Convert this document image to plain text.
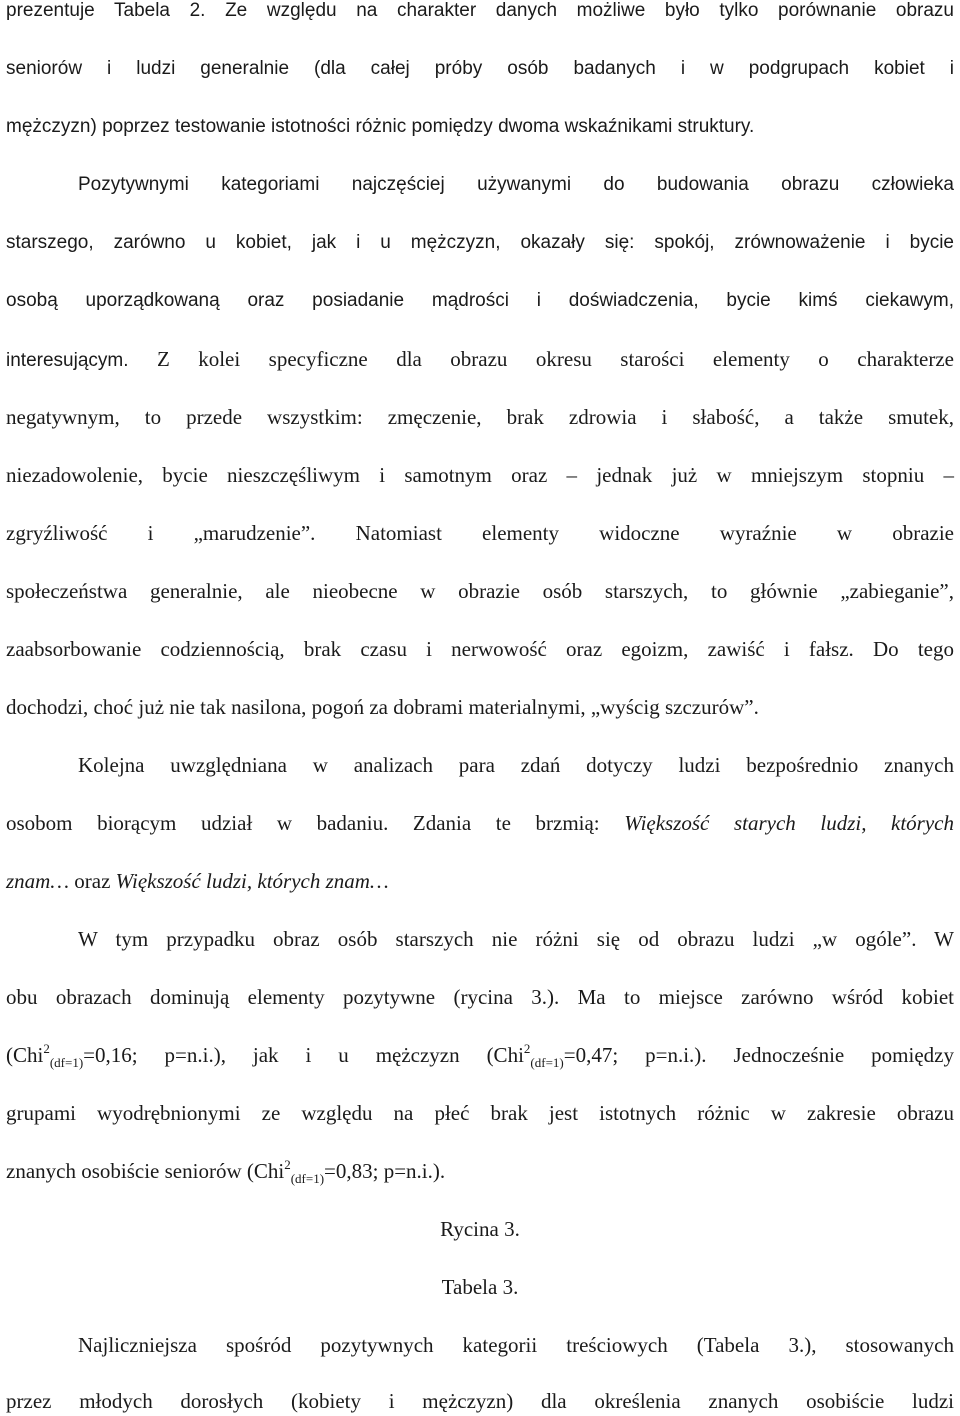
prezentuje Tabela 2. Ze względu na charakter danych możliwe było tylko porównanie obrazu
seniorów i ludzi generalnie (dla całej próby osób badanych i w podgrupach kobiet i
mężczyzn) poprzez testowanie istotności różnic pomiędzy dwoma wskaźnikami struktury.
Pozytywnymi kategoriami najczęściej używanymi do budowania obrazu człowieka
starszego, zarówno u kobiet, jak i u mężczyzn, okazały się: spokój, zrównoważenie i bycie
osobą uporządkowaną oraz posiadanie mądrości i doświadczenia, bycie kimś ciekawym,
interesującym. Z kolei specyficzne dla obrazu okresu starości elementy o charakterze
negatywnym, to przede wszystkim: zmęczenie, brak zdrowia i słabość, a także smutek,
niezadowolenie, bycie nieszczęśliwym i samotnym oraz – jednak już w mniejszym stopniu –
zgryźliwość i „marudzenie”. Natomiast elementy widoczne wyraźnie w obrazie
społeczeństwa generalnie, ale nieobecne w obrazie osób starszych, to głównie „zabieganie”,
zaabsorbowanie codziennością, brak czasu i nerwowość oraz egoizm, zawiść i fałsz. Do tego
dochodzi, choć już nie tak nasilona, pogoń za dobrami materialnymi, „wyścig szczurów”.
Kolejna uwzględniana w analizach para zdań dotyczy ludzi bezpośrednio znanych
osobom biorącym udział w badaniu. Zdania te brzmią: Większość starych ludzi, których
znam… oraz Większość ludzi, których znam…
W tym przypadku obraz osób starszych nie różni się od obrazu ludzi „w ogóle”. W
obu obrazach dominują elementy pozytywne (rycina 3.). Ma to miejsce zarówno wśród kobiet
(Chi$^2_{(df=1)}$=0,16; p=n.i.), jak i u mężczyzn (Chi$^2_{(df=1)}$=0,47; p=n.i.). Jednocześnie pomiędzy
grupami wyodrębnionymi ze względu na płeć brak jest istotnych różnic w zakresie obrazu
znanych osobiście seniorów (Chi$^2_{(df=1)}$=0,83; p=n.i.).
Rycina 3.
Tabela 3.
Najliczniejsza spośród pozytywnych kategorii treściowych (Tabela 3.), stosowanych
przez młodych dorosłych (kobiety i mężczyzn) dla określenia znanych osobiście ludzi
